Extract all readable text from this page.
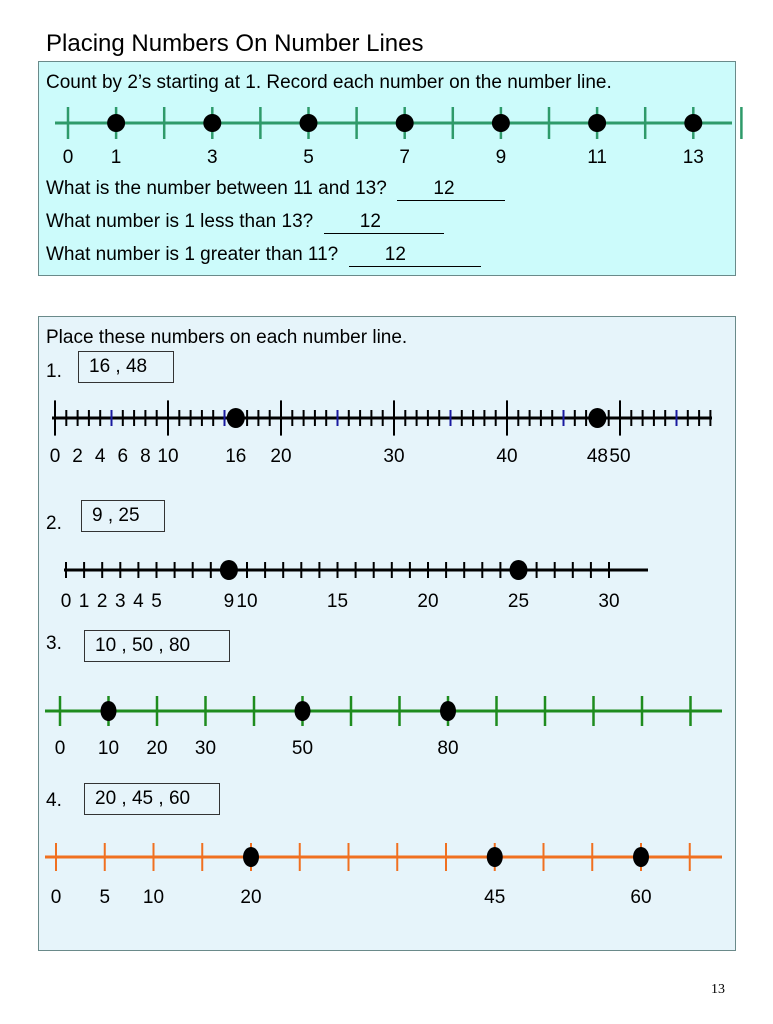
Placing Numbers On Number Lines
Count by 2’s starting at 1. Record each number on the number line.
What is the number between 11 and 13? 12
What number is 1 less than 13? 12
What number is 1 greater than 11? 12
Place these numbers on each number line.
1.	16 , 48
2.	9 , 25
3.	10 , 50 , 80
4.	20 , 45 , 60
0 1	3	5	7	9	11	13
0 2 4 6 8 10 16 20	30	40	48 50
0 1 2 3 4 5	9 10	15	20	25	30
0 10 20 30	50	80
0 5 10	20	45	60
13
